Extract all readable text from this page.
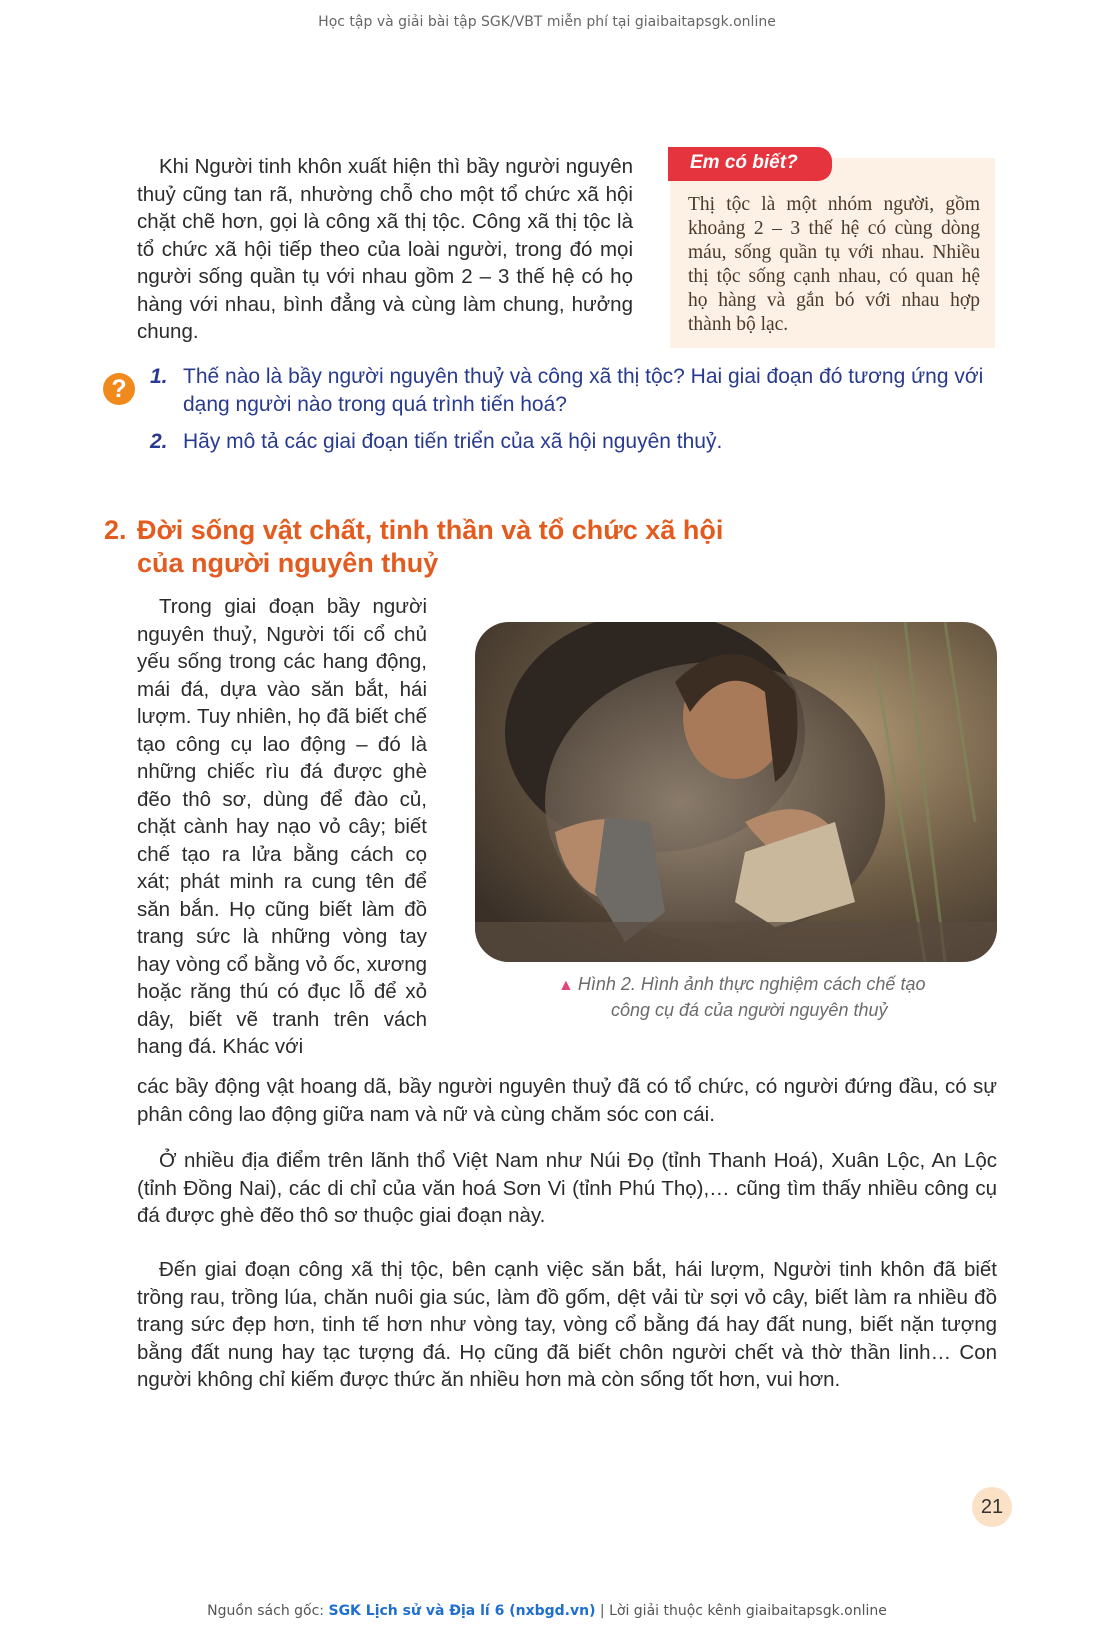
Học tập và giải bài tập SGK/VBT miễn phí tại giaibaitapsgk.online

Khi Người tinh khôn xuất hiện thì bầy người nguyên thuỷ cũng tan rã, nhường chỗ cho một tổ chức xã hội chặt chẽ hơn, gọi là công xã thị tộc. Công xã thị tộc là tổ chức xã hội tiếp theo của loài người, trong đó mọi người sống quần tụ với nhau gồm 2 – 3 thế hệ có họ hàng với nhau, bình đẳng và cùng làm chung, hưởng chung.

Em có biết?

Thị tộc là một nhóm người, gồm khoảng 2 – 3 thế hệ có cùng dòng máu, sống quần tụ với nhau. Nhiều thị tộc sống cạnh nhau, có quan hệ họ hàng và gắn bó với nhau hợp thành bộ lạc.

?	1. Thế nào là bầy người nguyên thuỷ và công xã thị tộc? Hai giai đoạn đó tương ứng với dạng người nào trong quá trình tiến hoá?
2. Hãy mô tả các giai đoạn tiến triển của xã hội nguyên thuỷ.
2. Đời sống vật chất, tinh thần và tổ chức xã hội
của người nguyên thuỷ

Trong giai đoạn bầy người nguyên thuỷ, Người tối cổ chủ yếu sống trong các hang động, mái đá, dựa vào săn bắt, hái lượm. Tuy nhiên, họ đã biết chế tạo công cụ lao động – đó là những chiếc rìu đá được ghè đẽo thô sơ, dùng để đào củ, chặt cành hay nạo vỏ cây; biết chế tạo ra lửa bằng cách cọ xát; phát minh ra cung tên để săn bắn. Họ cũng biết làm đồ trang sức là những vòng tay hay vòng cổ bằng vỏ ốc, xương hoặc răng thú có đục lỗ để xỏ dây, biết vẽ tranh trên vách hang đá. Khác với

▲ Hình 2. Hình ảnh thực nghiệm cách chế tạo
công cụ đá của người nguyên thuỷ

các bầy động vật hoang dã, bầy người nguyên thuỷ đã có tổ chức, có người đứng đầu, có sự phân công lao động giữa nam và nữ và cùng chăm sóc con cái.

Ở nhiều địa điểm trên lãnh thổ Việt Nam như Núi Đọ (tỉnh Thanh Hoá), Xuân Lộc, An Lộc (tỉnh Đồng Nai), các di chỉ của văn hoá Sơn Vi (tỉnh Phú Thọ),… cũng tìm thấy nhiều công cụ đá được ghè đẽo thô sơ thuộc giai đoạn này.

Đến giai đoạn công xã thị tộc, bên cạnh việc săn bắt, hái lượm, Người tinh khôn đã biết trồng rau, trồng lúa, chăn nuôi gia súc, làm đồ gốm, dệt vải từ sợi vỏ cây, biết làm ra nhiều đồ trang sức đẹp hơn, tinh tế hơn như vòng tay, vòng cổ bằng đá hay đất nung, biết nặn tượng bằng đất nung hay tạc tượng đá. Họ cũng đã biết chôn người chết và thờ thần linh… Con người không chỉ kiếm được thức ăn nhiều hơn mà còn sống tốt hơn, vui hơn.

21
Nguồn sách gốc: SGK Lịch sử và Địa lí 6 (nxbgd.vn) | Lời giải thuộc kênh giaibaitapsgk.online
